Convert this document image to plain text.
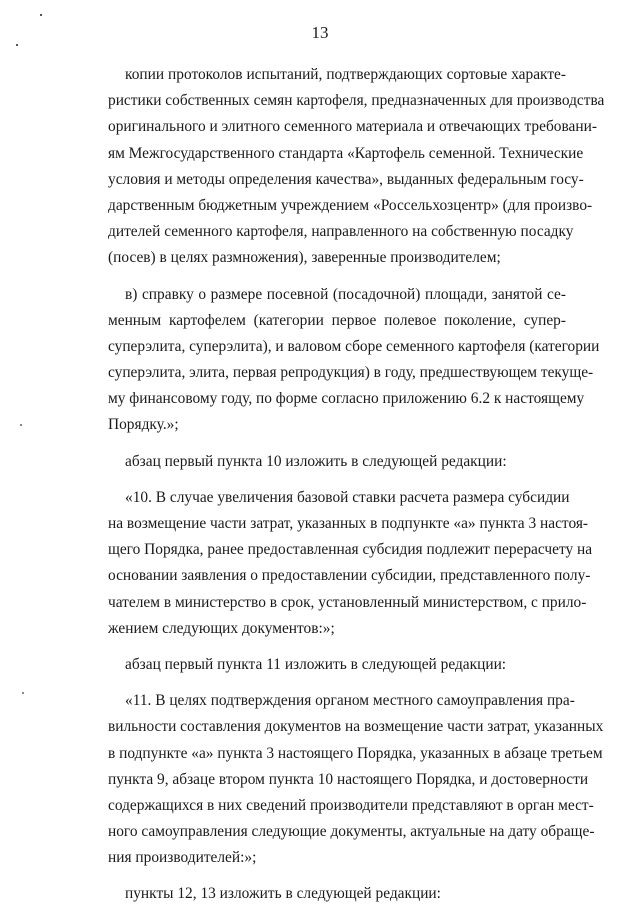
13
копии протоколов испытаний, подтверждающих сортовые характе-
ристики собственных семян картофеля, предназначенных для производства
оригинального и элитного семенного материала и отвечающих требовани-
ям Межгосударственного стандарта «Картофель семенной. Технические
условия и методы определения качества», выданных федеральным госу-
дарственным бюджетным учреждением «Россельхозцентр» (для произво-
дителей семенного картофеля, направленного на собственную посадку
(посев) в целях размножения), заверенные производителем;
в) справку о размере посевной (посадочной) площади, занятой се-
менным картофелем (категории первое полевое поколение, супер-
суперэлита, суперэлита), и валовом сборе семенного картофеля (категории
суперэлита, элита, первая репродукция) в году, предшествующем текуще-
му финансовому году, по форме согласно приложению 6.2 к настоящему
Порядку.»;
абзац первый пункта 10 изложить в следующей редакции:
«10. В случае увеличения базовой ставки расчета размера субсидии
на возмещение части затрат, указанных в подпункте «а» пункта 3 настоя-
щего Порядка, ранее предоставленная субсидия подлежит перерасчету на
основании заявления о предоставлении субсидии, представленного полу-
чателем в министерство в срок, установленный министерством, с прило-
жением следующих документов:»;
абзац первый пункта 11 изложить в следующей редакции:
«11. В целях подтверждения органом местного самоуправления пра-
вильности составления документов на возмещение части затрат, указанных
в подпункте «а» пункта 3 настоящего Порядка, указанных в абзаце третьем
пункта 9, абзаце втором пункта 10 настоящего Порядка, и достоверности
содержащихся в них сведений производители представляют в орган мест-
ного самоуправления следующие документы, актуальные на дату обраще-
ния производителей:»;
пункты 12, 13 изложить в следующей редакции:
